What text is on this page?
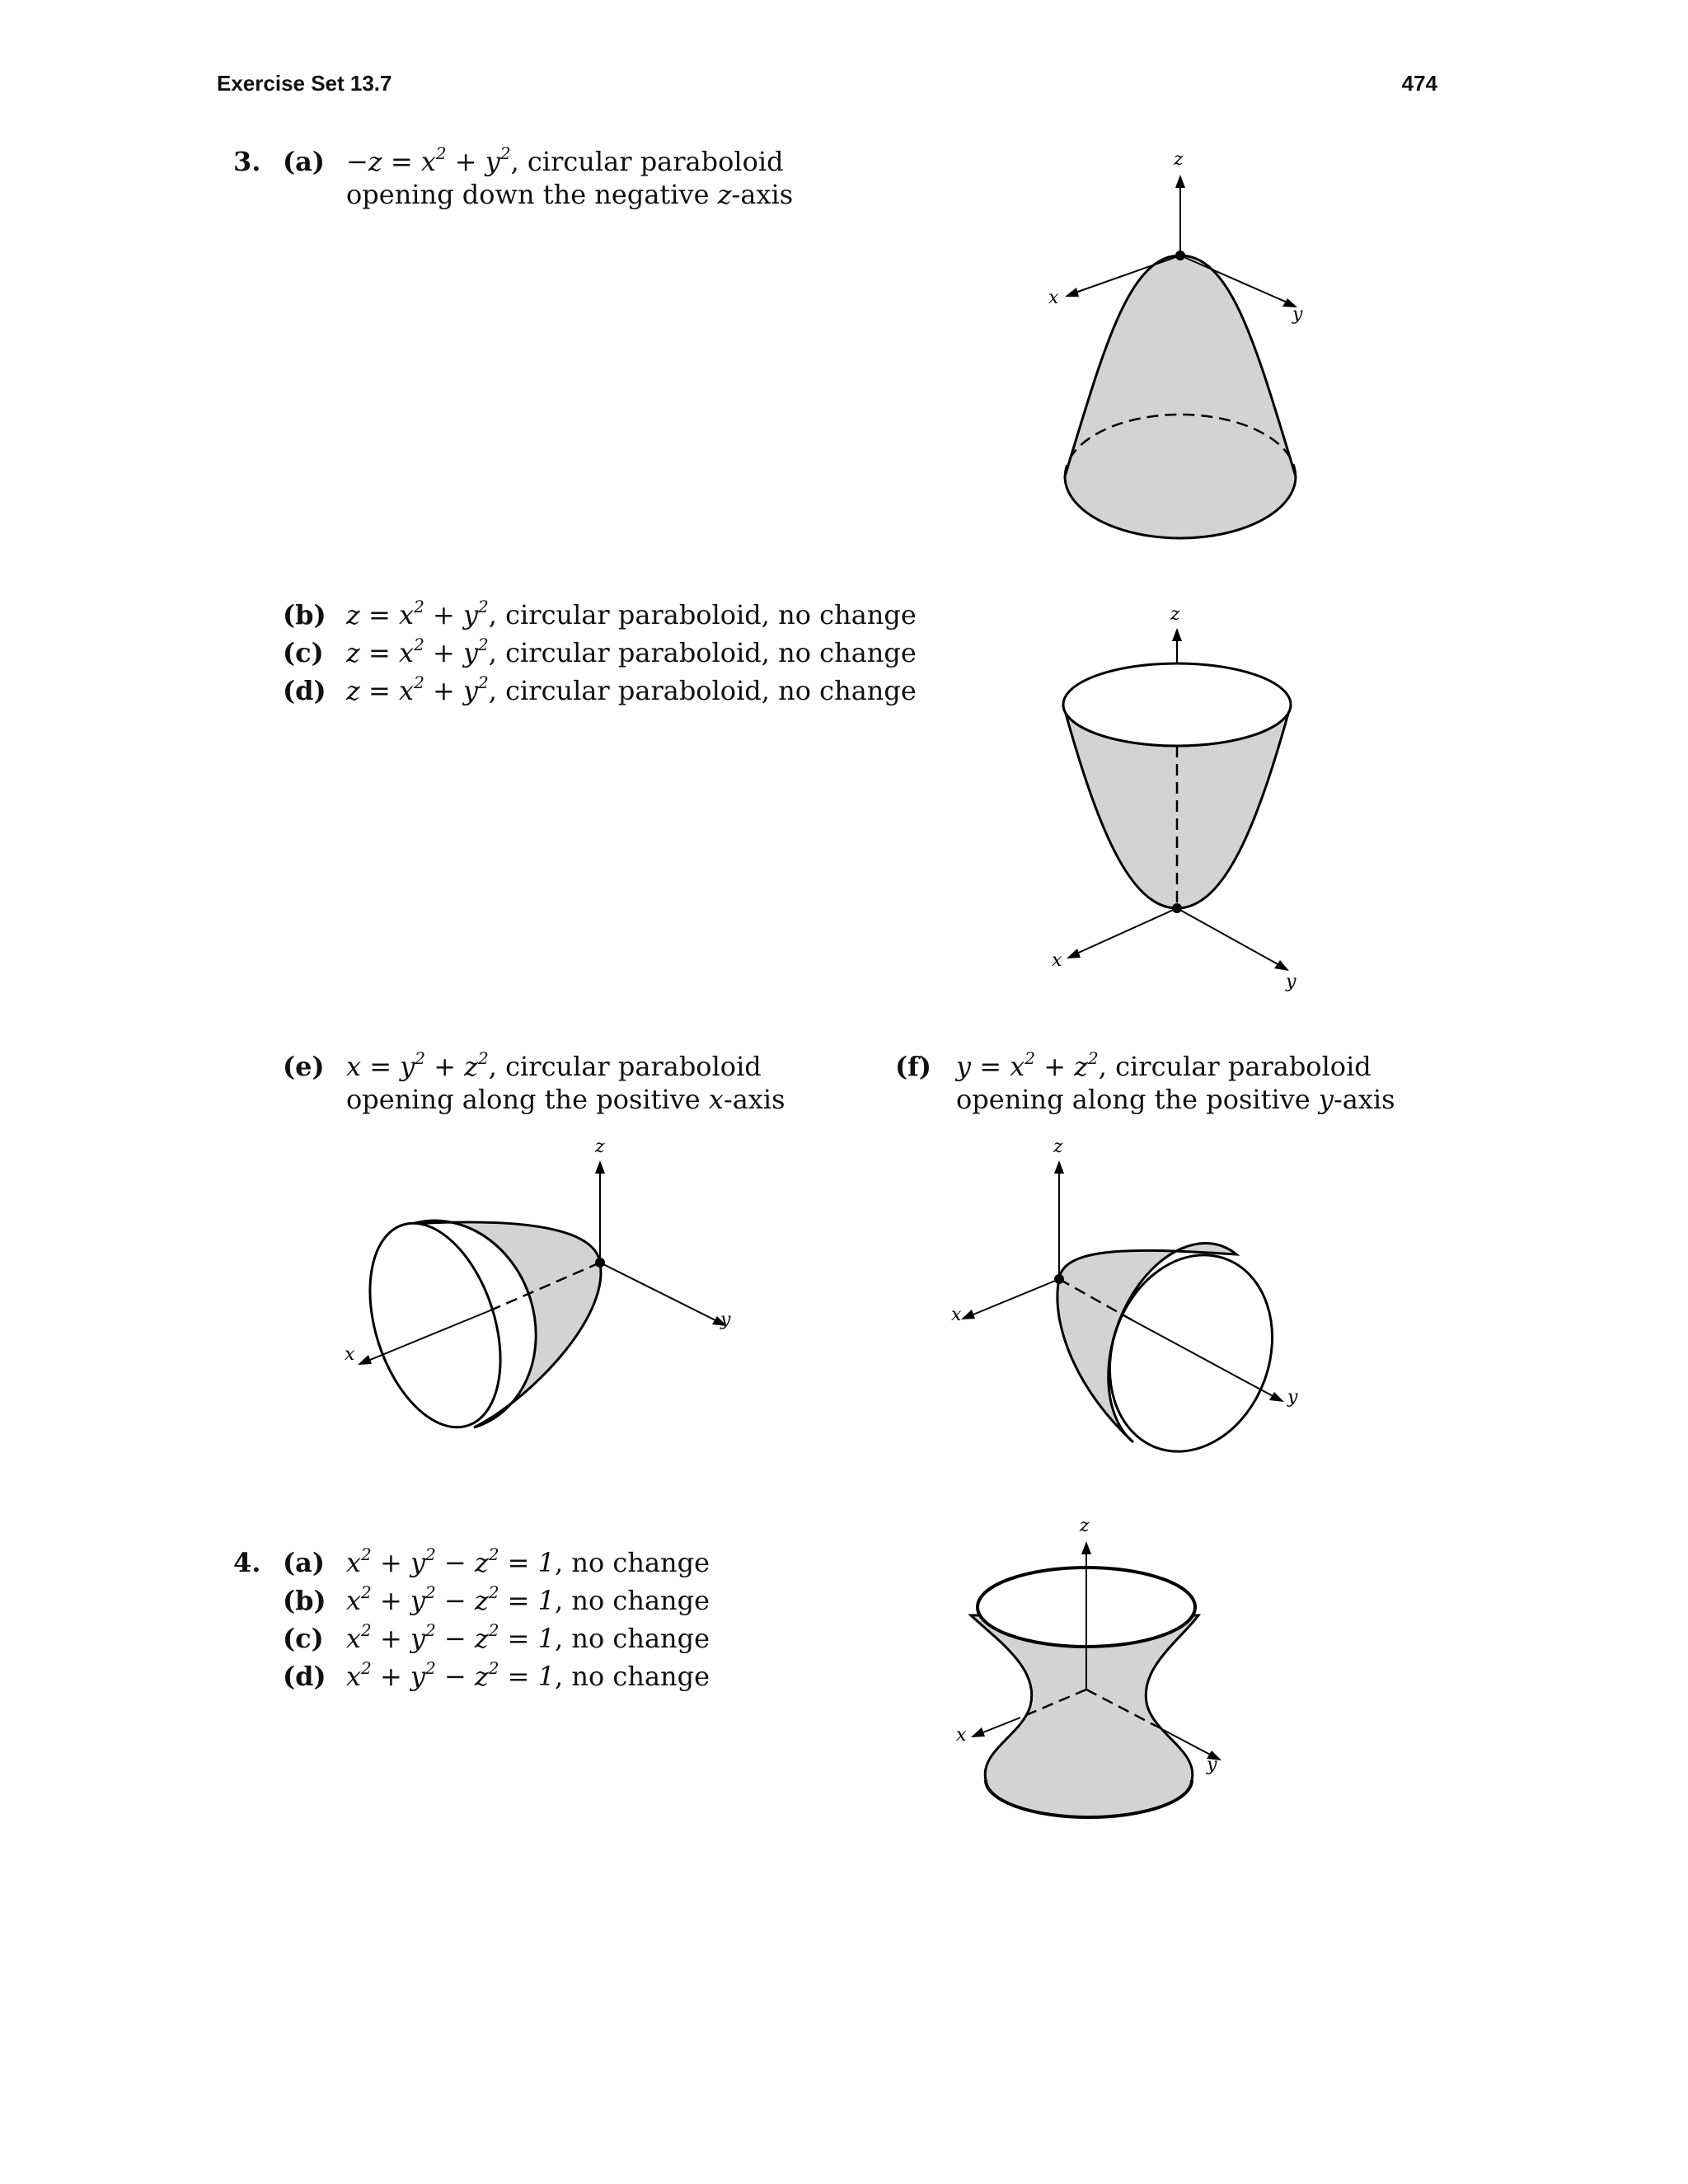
Exercise Set 13.7	474
3. $(a) -z = x^2 + y^2$, circular paraboloid
opening down the negative z-axis
z
x
y
(b) $z = x^2 + y^2$, circular paraboloid, no change
(c) $z = x^2 + y^2$, circular paraboloid, no change
(d) $z = x^2 + y^2$, circular paraboloid, no change
z
x
y
(e) $x = y^2 + z^2$, circular paraboloid
opening along the positive x-axis
(f) $y = x^2 + z^2$, circular paraboloid
opening along the positive y-axis
z
x
y
z
x
y
4. (a) $x^2 + y^2 - z^2 = 1$, no change
(b) $x^2 + y^2 - z^2 = 1$, no change
(c) $x^2 + y^2 - z^2 = 1$, no change
(d) $x^2 + y^2 - z^2 = 1$, no change
z
x
y
